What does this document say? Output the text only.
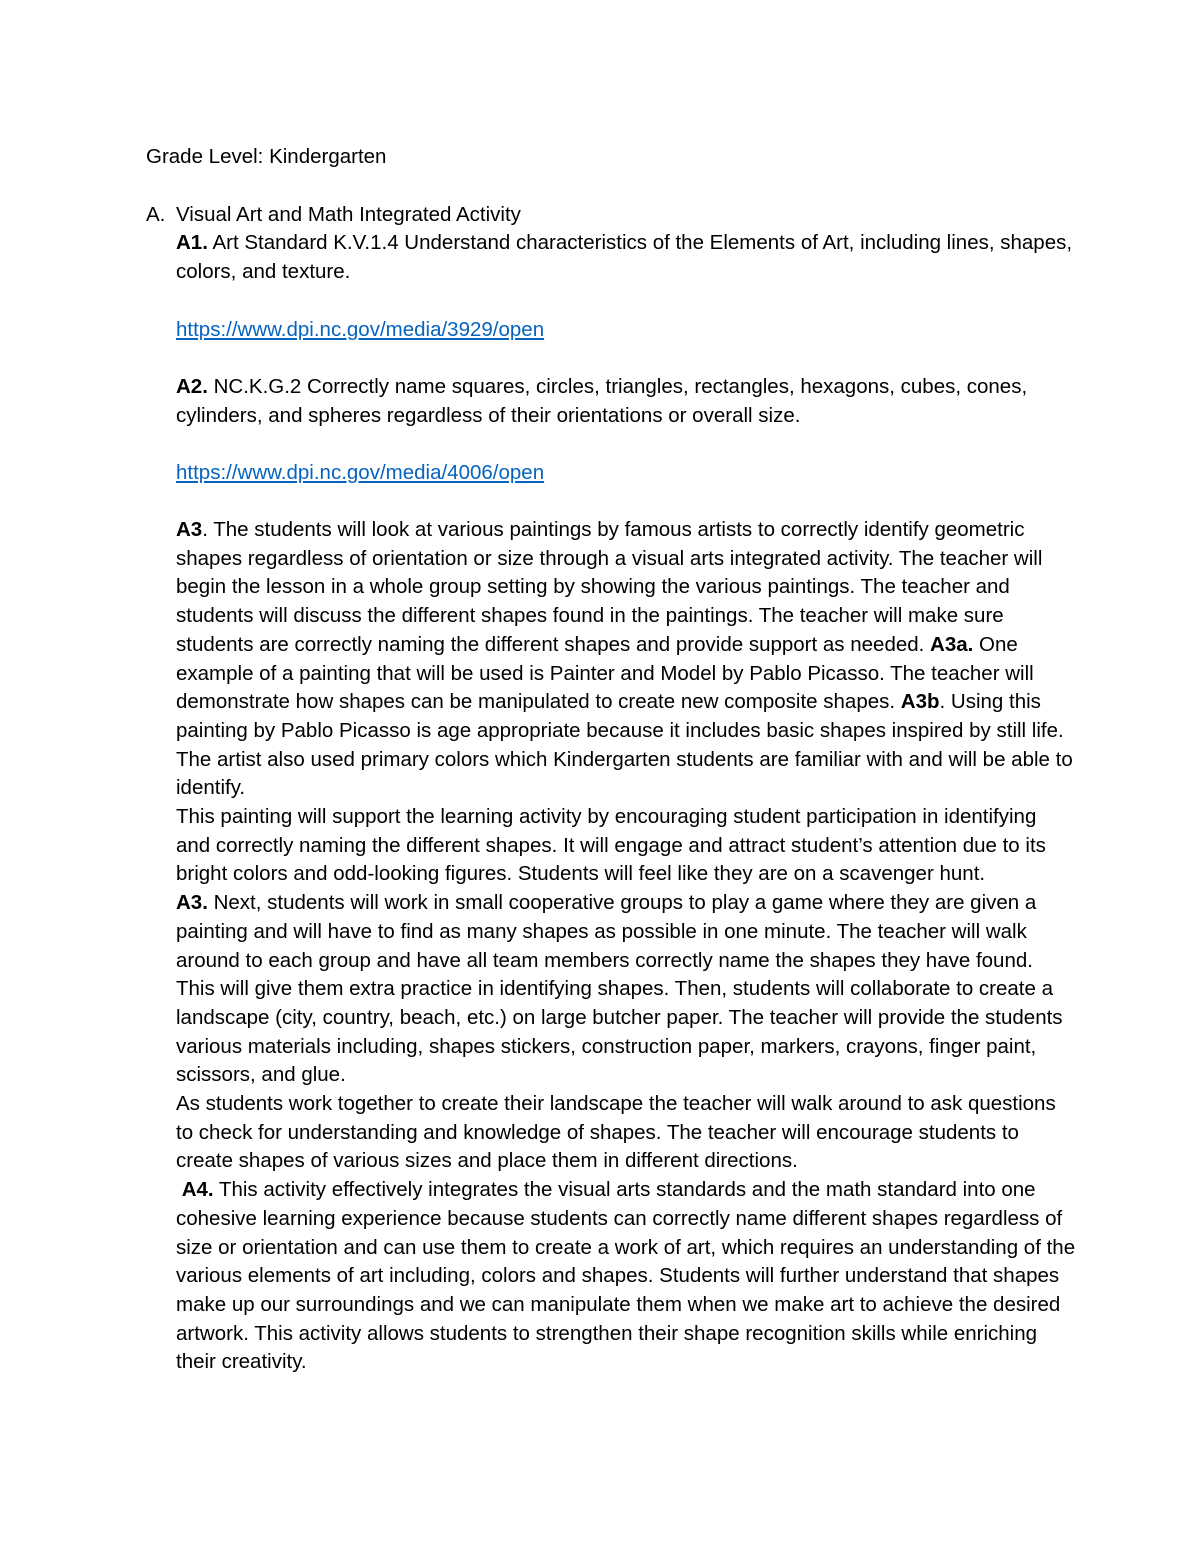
Grade Level: Kindergarten
A. Visual Art and Math Integrated Activity
A1. Art Standard K.V.1.4 Understand characteristics of the Elements of Art, including lines, shapes, colors, and texture.
https://www.dpi.nc.gov/media/3929/open
A2. NC.K.G.2 Correctly name squares, circles, triangles, rectangles, hexagons, cubes, cones, cylinders, and spheres regardless of their orientations or overall size.
https://www.dpi.nc.gov/media/4006/open

A3. The students will look at various paintings by famous artists to correctly identify geometric shapes regardless of orientation or size through a visual arts integrated activity. The teacher will begin the lesson in a whole group setting by showing the various paintings. The teacher and students will discuss the different shapes found in the paintings. The teacher will make sure students are correctly naming the different shapes and provide support as needed. A3a. One example of a painting that will be used is Painter and Model by Pablo Picasso. The teacher will demonstrate how shapes can be manipulated to create new composite shapes. A3b. Using this painting by Pablo Picasso is age appropriate because it includes basic shapes inspired by still life. The artist also used primary colors which Kindergarten students are familiar with and will be able to identify.

This painting will support the learning activity by encouraging student participation in identifying and correctly naming the different shapes. It will engage and attract student’s attention due to its bright colors and odd-looking figures. Students will feel like they are on a scavenger hunt.

A3. Next, students will work in small cooperative groups to play a game where they are given a painting and will have to find as many shapes as possible in one minute. The teacher will walk around to each group and have all team members correctly name the shapes they have found. This will give them extra practice in identifying shapes. Then, students will collaborate to create a landscape (city, country, beach, etc.) on large butcher paper. The teacher will provide the students various materials including, shapes stickers, construction paper, markers, crayons, finger paint, scissors, and glue.

As students work together to create their landscape the teacher will walk around to ask questions to check for understanding and knowledge of shapes. The teacher will encourage students to create shapes of various sizes and place them in different directions.

A4. This activity effectively integrates the visual arts standards and the math standard into one cohesive learning experience because students can correctly name different shapes regardless of size or orientation and can use them to create a work of art, which requires an understanding of the various elements of art including, colors and shapes. Students will further understand that shapes make up our surroundings and we can manipulate them when we make art to achieve the desired artwork. This activity allows students to strengthen their shape recognition skills while enriching their creativity.
